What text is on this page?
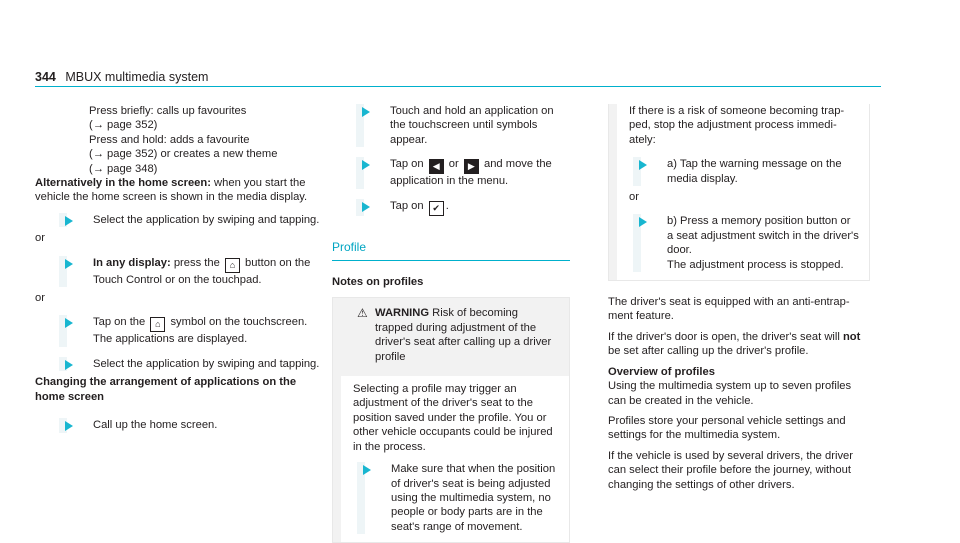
344 MBUX multimedia system

Press briefly: calls up favourites

(→ page 352)

Press and hold: adds a favourite

(→ page 352) or creates a new theme

(→ page 348)

Alternatively in the home screen: when you start the vehicle the home screen is shown in the media display.

Select the application by swiping and tapping.

or

In any display: press the ⌂ button on the Touch Control or on the touchpad.

or

Tap on the ⌂ symbol on the touchscreen.
The applications are displayed.
Select the application by swiping and tapping.

Changing the arrangement of applications on the home screen

Call up the home screen.
Touch and hold an application on the touchscreen until symbols appear.
Tap on ◀ or ▶ and move the application in the menu.
Tap on ✔ .
Profile

Notes on profiles

⚠ WARNING Risk of becoming trapped during adjustment of the driver's seat after calling up a driver profile

Selecting a profile may trigger an adjustment of the driver's seat to the position saved under the profile. You or other vehicle occupants could be injured in the process.

Make sure that when the position of driver's seat is being adjusted using the multimedia system, no people or body parts are in the seat's range of movement.

If there is a risk of someone becoming trapped, stop the adjustment process immediately:

a) Tap the warning message on the media display.

or

b) Press a memory position button or a seat adjustment switch in the driver's door.
The adjustment process is stopped.

The driver's seat is equipped with an anti-entrapment feature.

If the driver's door is open, the driver's seat will not be set after calling up the driver's profile.

Overview of profiles

Using the multimedia system up to seven profiles can be created in the vehicle.

Profiles store your personal vehicle settings and settings for the multimedia system.

If the vehicle is used by several drivers, the driver can select their profile before the journey, without changing the settings of other drivers.
